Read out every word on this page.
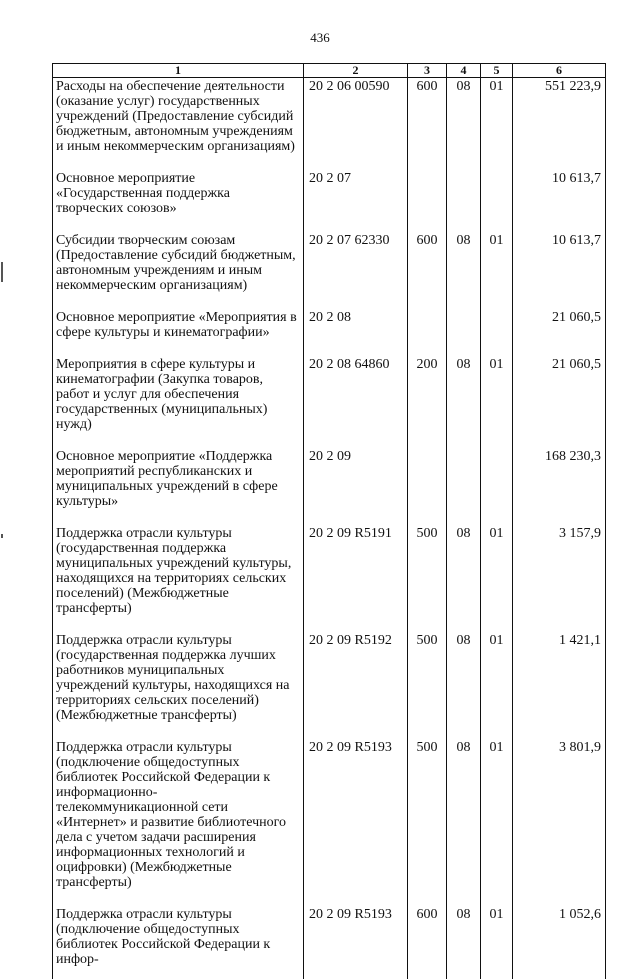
436
1	2	3	4	5	6
Расходы на обеспечение деятельности (оказание услуг) государственных учреждений (Предоставление субсидий бюджетным, автономным учреждениям и иным некоммерческим организациям)	20 2 06 00590	600	08	01	551 223,9
Основное мероприятие «Государственная поддержка творческих союзов»	20 2 07				10 613,7
Субсидии творческим союзам (Предоставление субсидий бюджетным, автономным учреждениям и иным некоммерческим организациям)	20 2 07 62330	600	08	01	10 613,7
Основное мероприятие «Мероприятия в сфере культуры и кинематографии»	20 2 08				21 060,5
Мероприятия в сфере культуры и кинематографии (Закупка товаров, работ и услуг для обеспечения государственных (муниципальных) нужд)	20 2 08 64860	200	08	01	21 060,5
Основное мероприятие «Поддержка мероприятий республиканских и муниципальных учреждений в сфере культуры»	20 2 09				168 230,3
Поддержка отрасли культуры (государственная поддержка муниципальных учреждений культуры, находящихся на территориях сельских поселений) (Межбюджетные трансферты)	20 2 09 R5191	500	08	01	3 157,9
Поддержка отрасли культуры (государственная поддержка лучших работников муниципальных учреждений культуры, находящихся на территориях сельских поселений) (Межбюджетные трансферты)	20 2 09 R5192	500	08	01	1 421,1
Поддержка отрасли культуры (подключение общедоступных библиотек Российской Федерации к информационно-телекоммуникационной сети «Интернет» и развитие библиотечного дела с учетом задачи расширения информационных технологий и оцифровки) (Межбюджетные трансферты)	20 2 09 R5193	500	08	01	3 801,9
Поддержка отрасли культуры (подключение общедоступных библиотек Российской Федерации к инфор-	20 2 09 R5193	600	08	01	1 052,6
